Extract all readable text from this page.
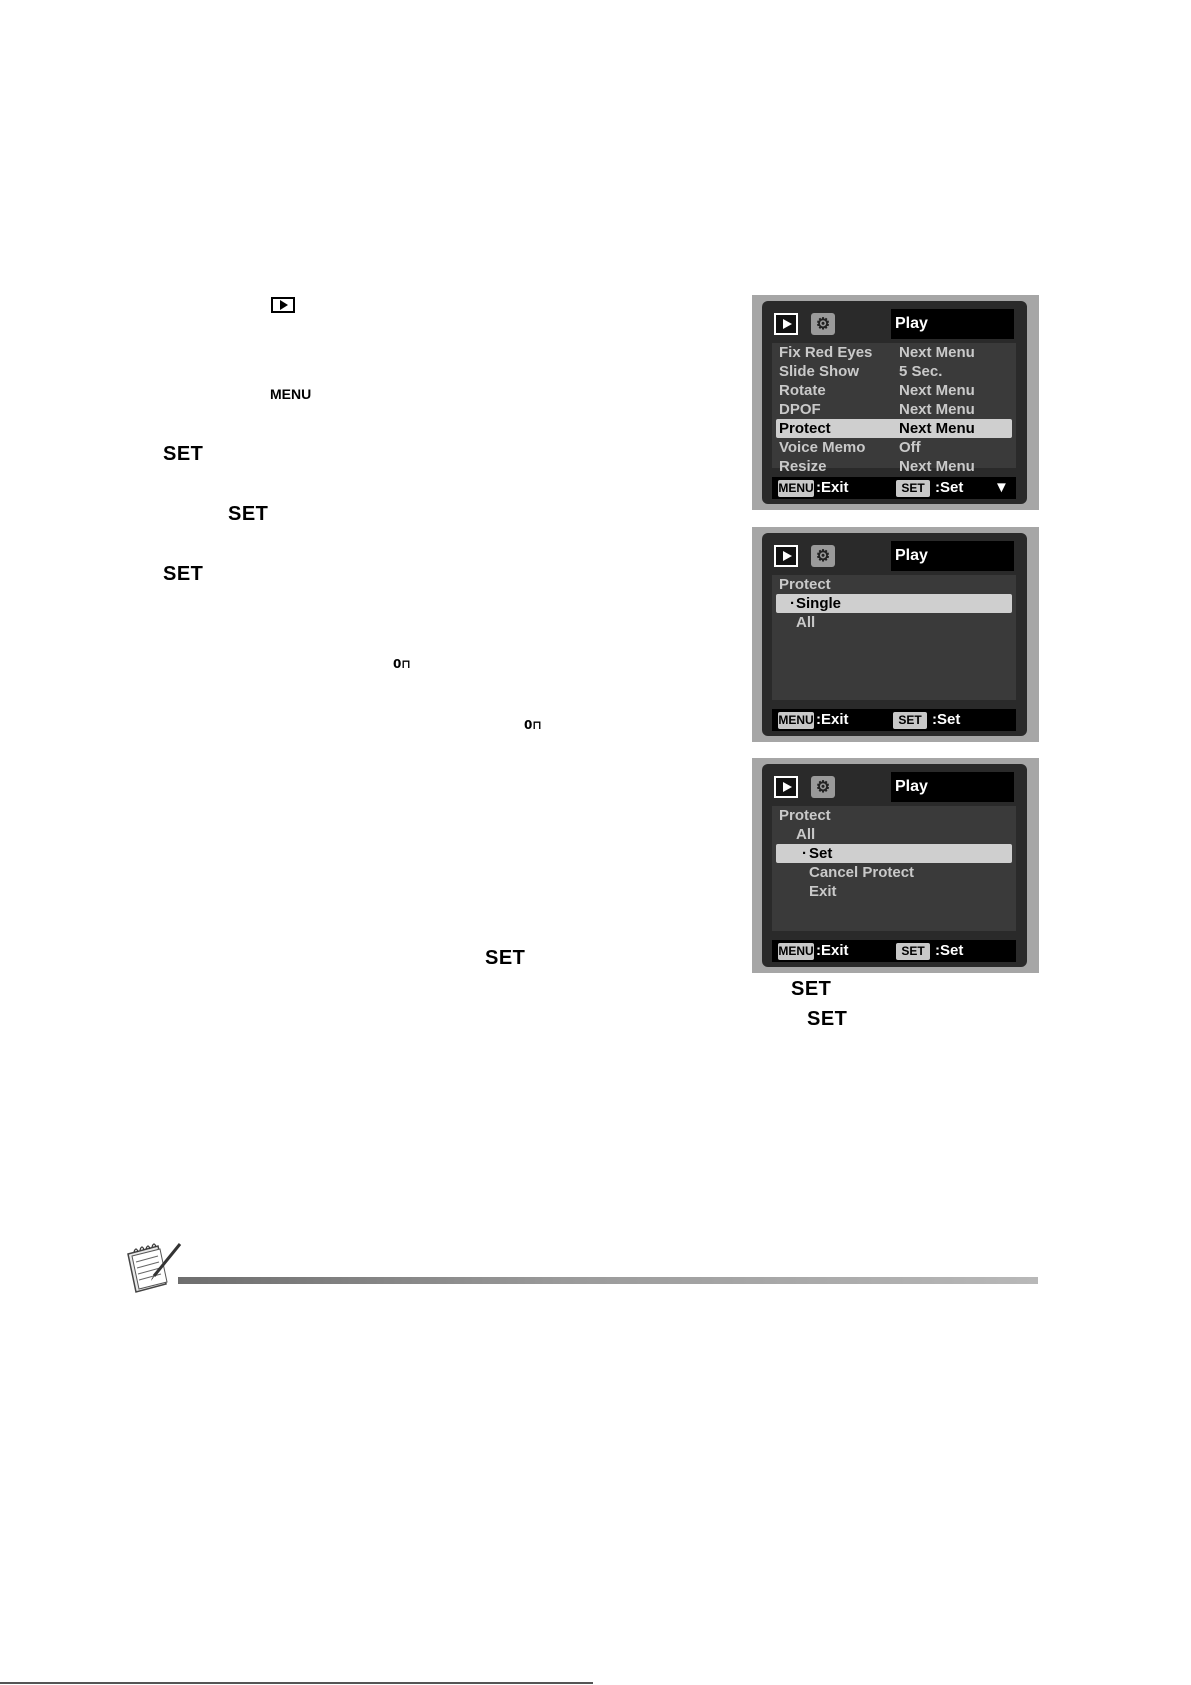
MENU
SET
SET
SET
0⊓
0⊓
SET
⚙	Play
Fix Red Eyes Next Menu
Slide Show	5 Sec.
Rotate	Next Menu
DPOF	Next Menu
Protect	Next Menu
Voice Memo Off
Resize	Next Menu
MENU :Exit	SET :Set ▼
⚙	Play
Protect
· Single
All
MENU :Exit	SET :Set
⚙	Play
Protect
All
· Set
Cancel Protect
Exit
MENU :Exit	SET :Set
SET
SET
